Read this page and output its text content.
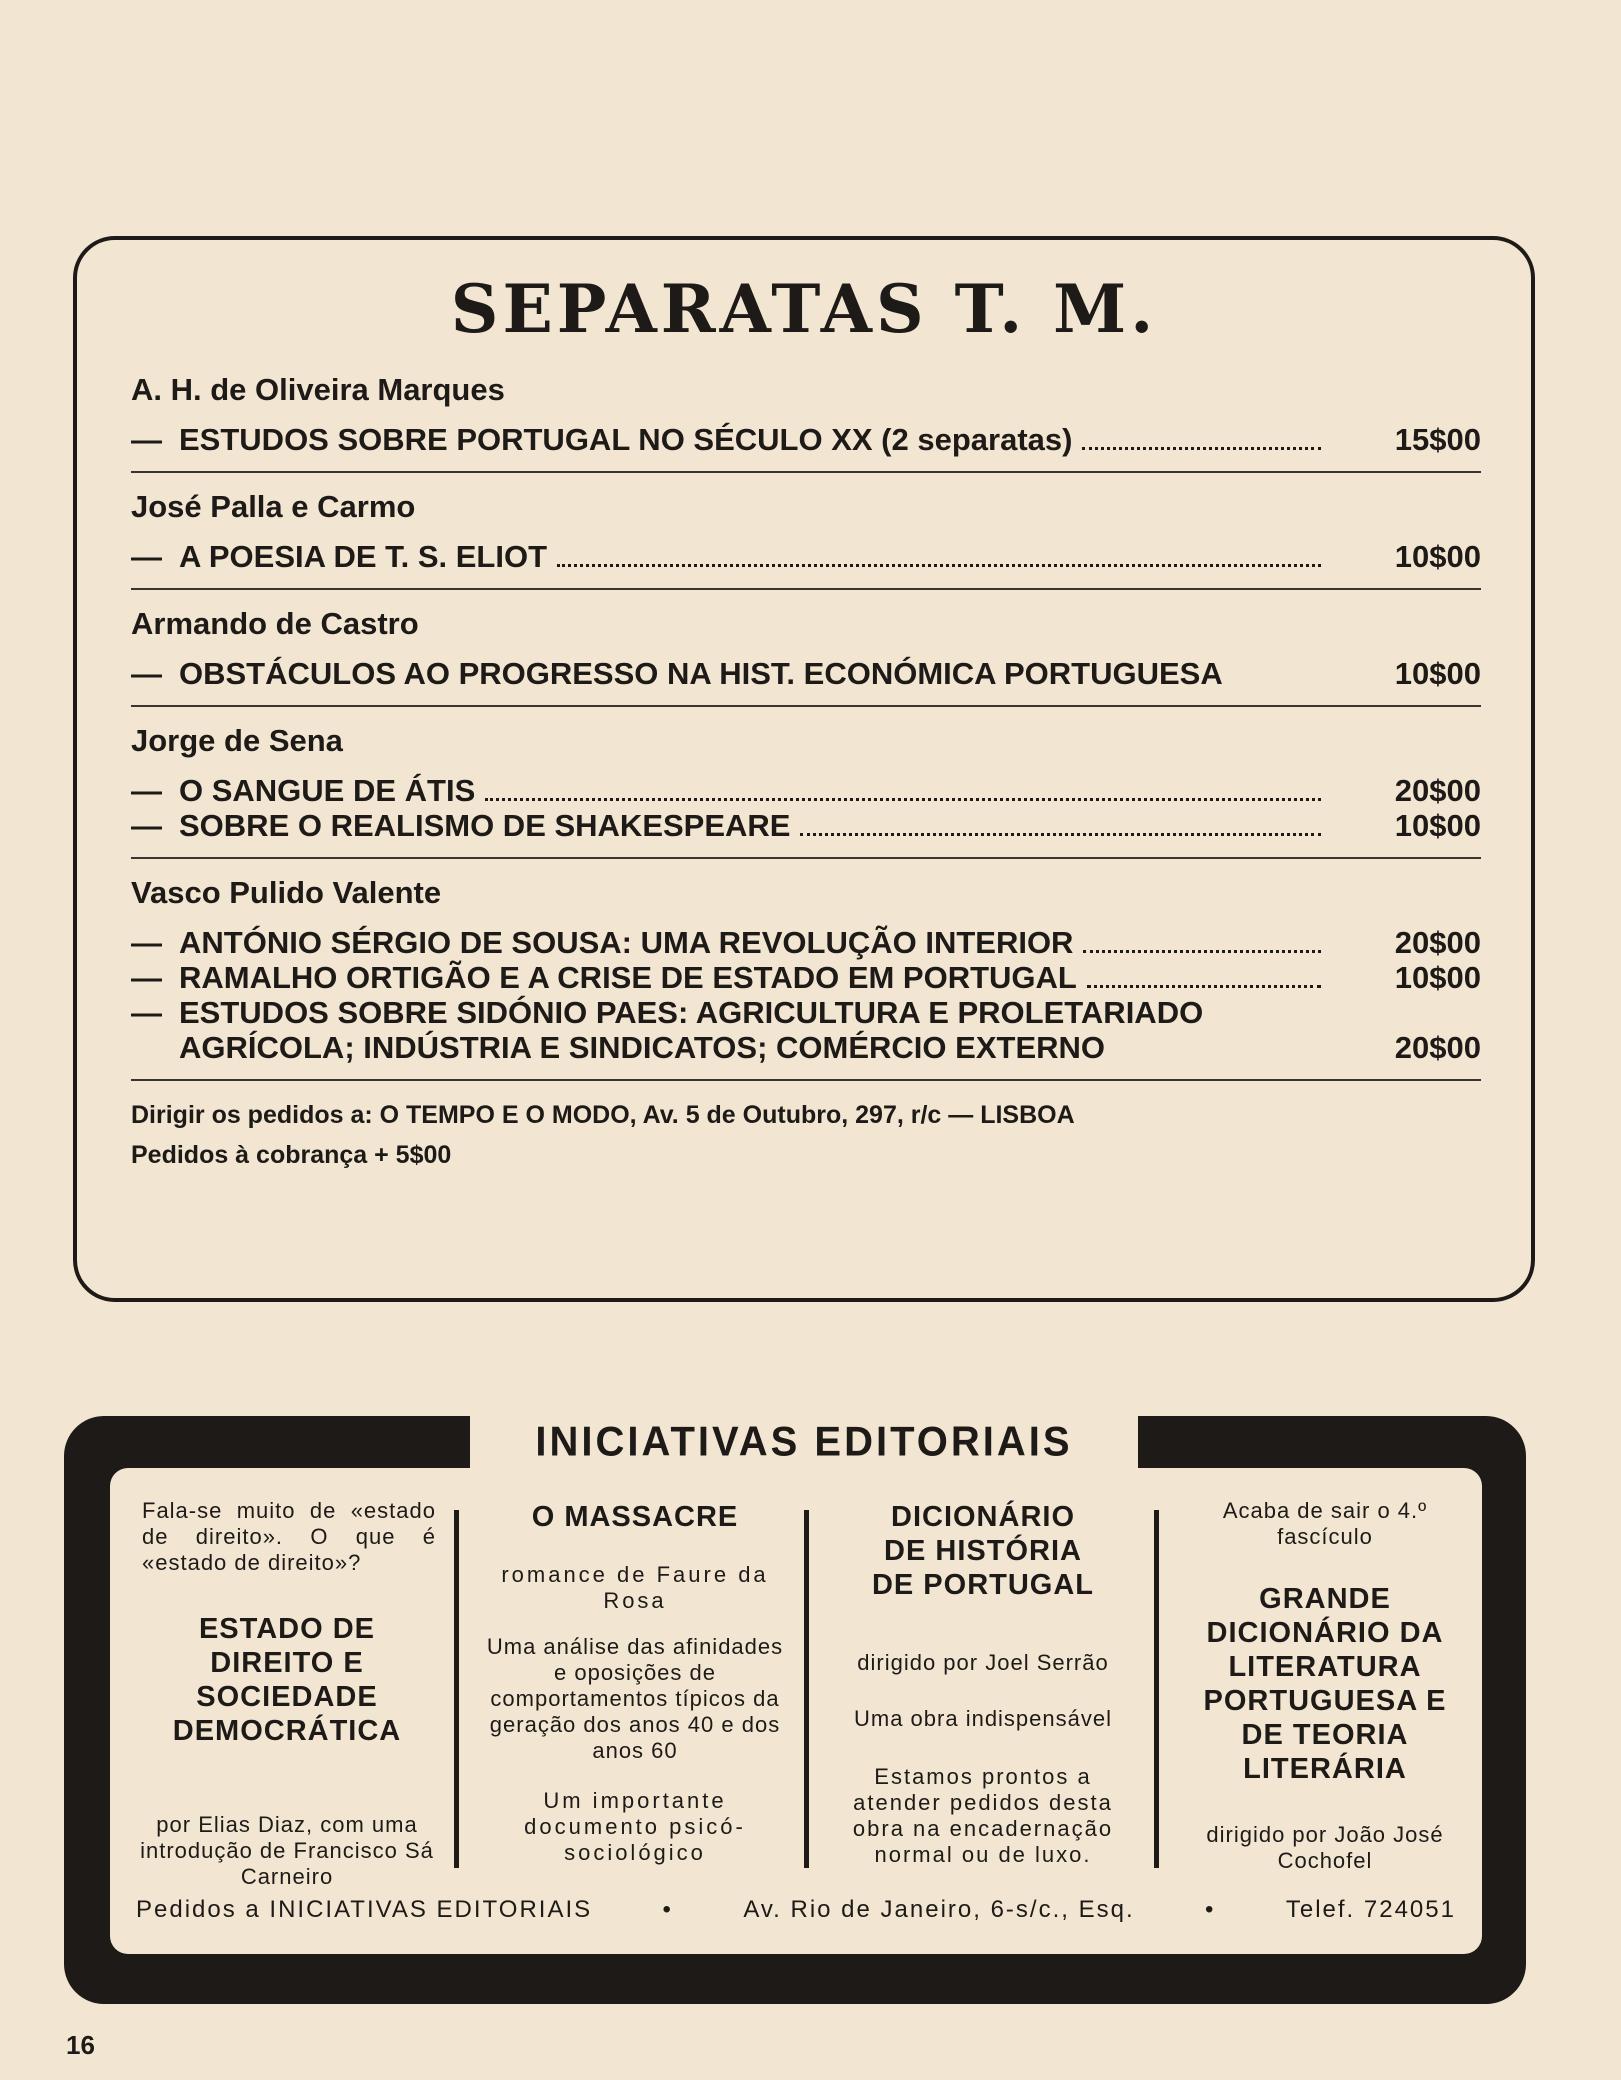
SEPARATAS T. M.

A. H. de Oliveira Marques

— ESTUDOS SOBRE PORTUGAL NO SÉCULO XX (2 separatas)	15$00

José Palla e Carmo

— A POESIA DE T. S. ELIOT	10$00

Armando de Castro

— OBSTÁCULOS AO PROGRESSO NA HIST. ECONÓMICA PORTUGUESA	10$00

Jorge de Sena

— O SANGUE DE ÁTIS	20$00
— SOBRE O REALISMO DE SHAKESPEARE	10$00

Vasco Pulido Valente

— ANTÓNIO SÉRGIO DE SOUSA: UMA REVOLUÇÃO INTERIOR	20$00
— RAMALHO ORTIGÃO E A CRISE DE ESTADO EM PORTUGAL	10$00
— ESTUDOS SOBRE SIDÓNIO PAES: AGRICULTURA E PROLETARIADO AGRÍCOLA; INDÚSTRIA E SINDICATOS; COMÉRCIO EXTERNO	20$00
Dirigir os pedidos a: O TEMPO E O MODO, Av. 5 de Outubro, 297, r/c — LISBOA
Pedidos à cobrança + 5$00
INICIATIVAS EDITORIAIS

Fala-se muito de «estado de direito». O que é «estado de direito»?

ESTADO DE DIREITO E SOCIEDADE DEMOCRÁTICA

por Elias Diaz, com uma introdução de Francisco Sá Carneiro

O MASSACRE

romance de Faure da Rosa

Uma análise das afinidades e oposições de comportamentos típicos da geração dos anos 40 e dos anos 60

Um importante documento psicó-sociológico

DICIONÁRIO DE HISTÓRIA DE PORTUGAL

dirigido por Joel Serrão

Uma obra indispensável

Estamos prontos a atender pedidos desta obra na encadernação normal ou de luxo.

Acaba de sair o 4.º fascículo

GRANDE DICIONÁRIO DA LITERATURA PORTUGUESA E DE TEORIA LITERÁRIA

dirigido por João José Cochofel

Pedidos a INICIATIVAS EDITORIAIS	•	Av. Rio de Janeiro, 6-s/c., Esq.	•	Telef. 724051
16
